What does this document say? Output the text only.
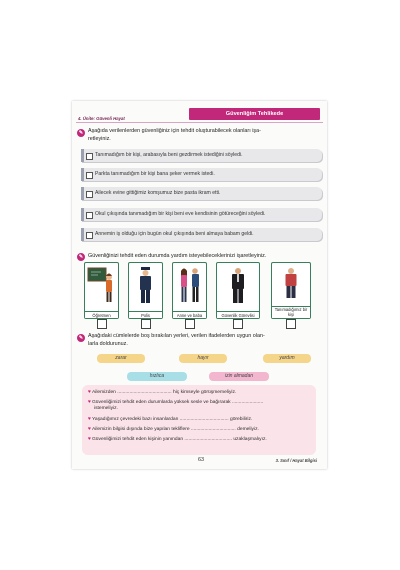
4. Ünite: Güvenli Hayat
Güvenliğim Tehlikede
✎ Aşağıda verilenlerden güvenliğiniz için tehdit oluşturabilecek olanları işa-
retleyiniz.
Tanımadığım bir kişi, arabasıyla beni gezdirmek istediğini söyledi.
Parkta tanımadığım bir kişi bana şeker vermek istedi.
Ailecek evine gittiğimiz komşumuz bize pasta ikram etti.
Okul çıkışında tanımadığım bir kişi beni eve kendisinin götüreceğini söyledi.
Annemin iş olduğu için bugün okul çıkışında beni almaya babam geldi.
✎ Güvenliğinizi tehdit eden durumda yardım isteyebileceklerinizi işaretleyiniz.
Öğretmen	Polis	Anne ve baba	Güvenlik Görevlisi
Tanımadığımız bir kişi
✎ Aşağıdaki cümlelerde boş bırakılan yerleri, verilen ifadelerden uygun olan-
larla doldurunuz.
zarar	hayır	yardım
hızlıca	izin almadan
♥Ailemizden ........................................ hiç kimseyle görüşmemeliyiz.
♥Güvenliğimizi tehdit eden durumlarda yüksek sesle ve bağırarak .......................
istemeliyiz.
♥Yaşadığımız çevredeki bazı insanlardan .................................... görebiliriz.
♥Ailemizin bilgisi dışında bize yapılan tekliflere ................................. demeliyiz.
♥Güvenliğimizi tehdit eden kişinin yanından ................................... uzaklaşmalıyız.
63	3. Sınıf / Hayat Bilgisi
